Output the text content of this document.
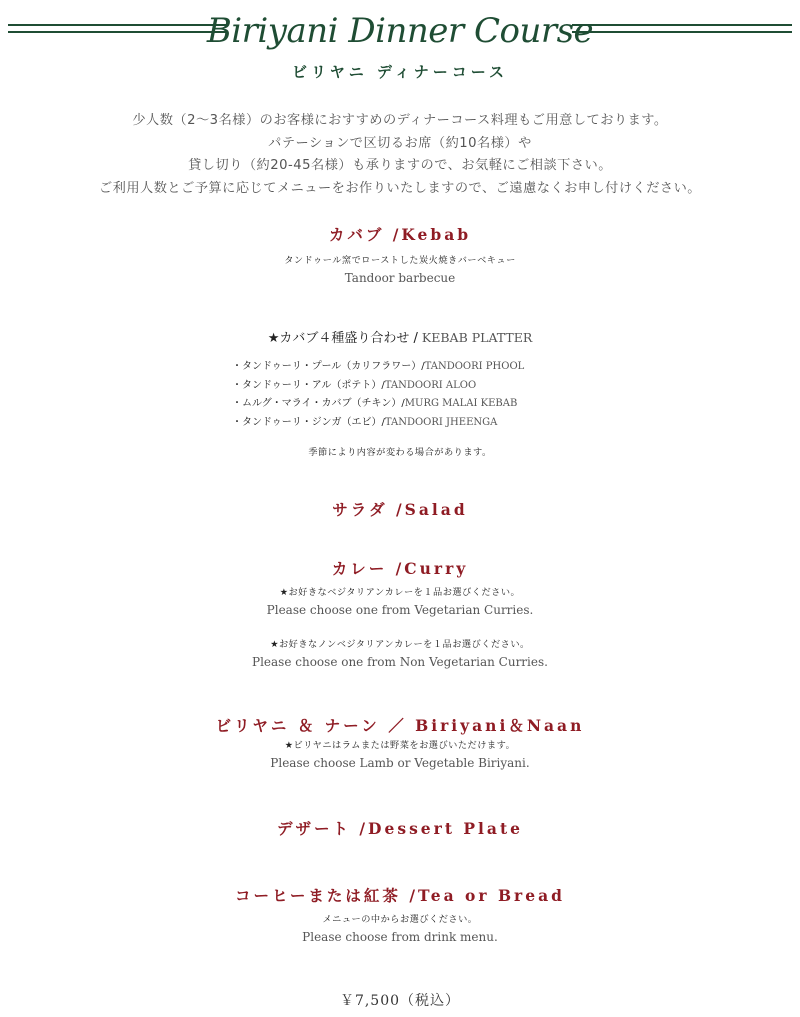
Biriyani Dinner Course
ビリヤニ ディナーコース
少人数（2～3名様）のお客様におすすめのディナーコース料理もご用意しております。
パテーションで区切るお席（約10名様）や
貸し切り（約20-45名様）も承りますので、お気軽にご相談下さい。
ご利用人数とご予算に応じてメニューをお作りいたしますので、ご遠慮なくお申し付けください。
カバブ /Kebab
タンドゥール窯でローストした炭火焼きバーベキュー
Tandoor barbecue
★カバブ４種盛り合わせ / KEBAB PLATTER
・タンドゥーリ・プール（カリフラワー）/TANDOORI PHOOL
・タンドゥーリ・アル（ポテト）/TANDOORI ALOO
・ムルグ・マライ・カバブ（チキン）/MURG MALAI KEBAB
・タンドゥーリ・ジンガ（エビ）/TANDOORI JHEENGA
季節により内容が変わる場合があります。
サラダ /Salad
カレー /Curry
★お好きなベジタリアンカレーを１品お選びください。
Please choose one from Vegetarian Curries.
★お好きなノンベジタリアンカレーを１品お選びください。
Please choose one from Non Vegetarian Curries.
ビリヤニ ＆ ナーン ／ Biriyani＆Naan
★ビリヤニはラムまたは野菜をお選びいただけます。
Please choose Lamb or Vegetable Biriyani.
デザート /Dessert Plate
コーヒーまたは紅茶 /Tea or Bread
メニューの中からお選びください。
Please choose from drink menu.
￥7,500（税込）
